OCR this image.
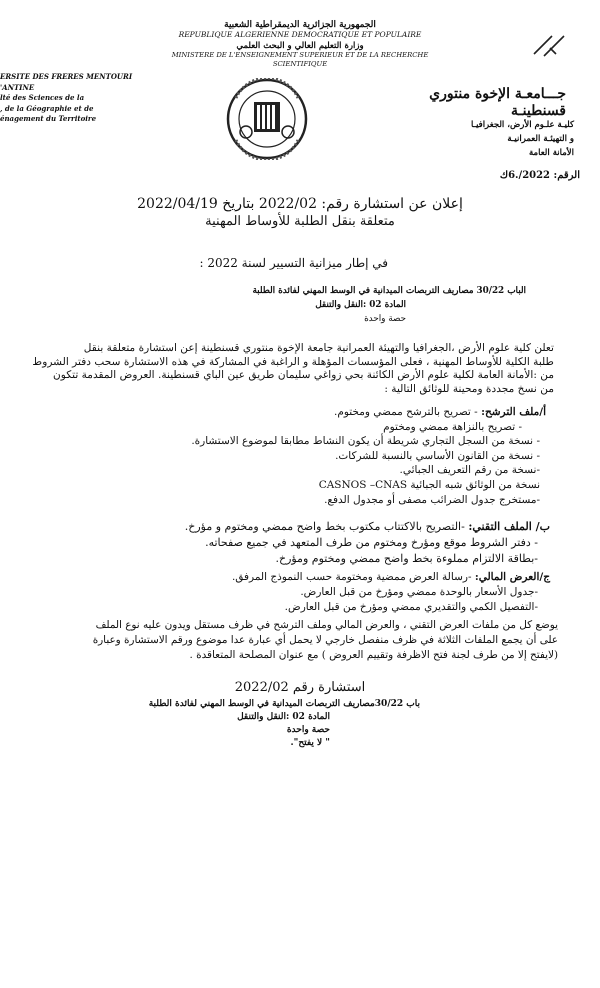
الجمهورية الجزائرية الديمقراطية الشعبية
REPUBLIQUE ALGERIENNE DEMOCRATIQUE ET POPULAIRE
وزارة التعليم العالي و البحث العلمي
MINISTERE DE L'ENSEIGNEMENT SUPERIEUR ET DE LA RECHERCHE
SCIENTIFIQUE
ERSITE DES FRERES MENTOURI
'ANTINE
lté des Sciences de la
, de la Géographie et de
énagement du Territoire
جـــامعـة الإخوة منتوري
قسنطينـة
كليـة علـوم الأرض، الجغرافيـا
و التهيئـة العمرانيـة
الأمانة العامة
الرقم: 2022/.6ك
إعلان عن استشارة رقم: 2022/02 بتاريخ 2022/04/19
متعلقة بنقل الطلبة للأوساط المهنية
في إطار ميزانية التسيير لسنة 2022 :
الباب 30/22 مصاريف التربصات الميدانية في الوسط المهني لفائدة الطلبة
المادة 02 :النقل والتنقل
حصة واحدة
تعلن كلية علوم الأرض ،الجغرافيا والتهيئة العمرانية جامعة الإخوة منتوري قسنطينة إعن استشارة متعلقة بنقل
طلبة الكلية للأوساط المهنية ، فعلى المؤسسات المؤهلة و الراغبة في المشاركة في هذه الاستشارة سحب دفتر الشروط
من :الأمانة العامة لكلية علوم الأرض الكائنة بحي زواغي سليمان طريق عين الباي قسنطينة. العروض المقدمة تتكون
من نسخ مجددة ومحينة للوثائق التالية :
أ/ملف الترشح: - تصريح بالترشح ممضي ومختوم.
- تصريح بالنزاهة ممضي ومختوم
- نسخة من السجل التجاري شريطة أن يكون النشاط مطابقا لموضوع الاستشارة.
- نسخة من القانون الأساسي بالنسبة للشركات.
-نسخة من رقم التعريف الجبائي.
نسخة من الوثائق شبه الجبائية CASNOS –CNAS
-مستخرج جدول الضرائب مصفى أو مجدول الدفع.
ب/ الملف التقني: -التصريح بالاكتتاب مكتوب بخط واضح ممضي ومختوم و مؤرخ.
- دفتر الشروط موقع ومؤرخ ومختوم من طرف المتعهد في جميع صفحاته.
-بطاقة الالتزام مملوءة بخط واضح ممضي ومختوم ومؤرخ.
ج/العرض المالي: -رسالة العرض ممضية ومختومة حسب النموذج المرفق.
-جدول الأسعار بالوحدة ممضي ومؤرخ من قبل العارض.
-التفصيل الكمي والتقديري ممضي ومؤرخ من قبل العارض.
يوضع كل من ملفات العرض التقني ، والعرض المالي وملف الترشح في ظرف مستقل ويدون عليه نوع الملف
على أن يجمع الملفات الثلاثة في ظرف منفصل خارجي لا يحمل أي عبارة عدا موضوع ورقم الاستشارة وعبارة
(لايفتح إلا من طرف لجنة فتح الاظرفة وتقييم العروض ) مع عنوان المصلحة المتعاقدة .
استشارة رقم 2022/02
باب 30/22مصاريف التربصات الميدانية في الوسط المهني لفائدة الطلبة
المادة 02 :النقل والتنقل
حصة واحدة
" لا يفتح".
